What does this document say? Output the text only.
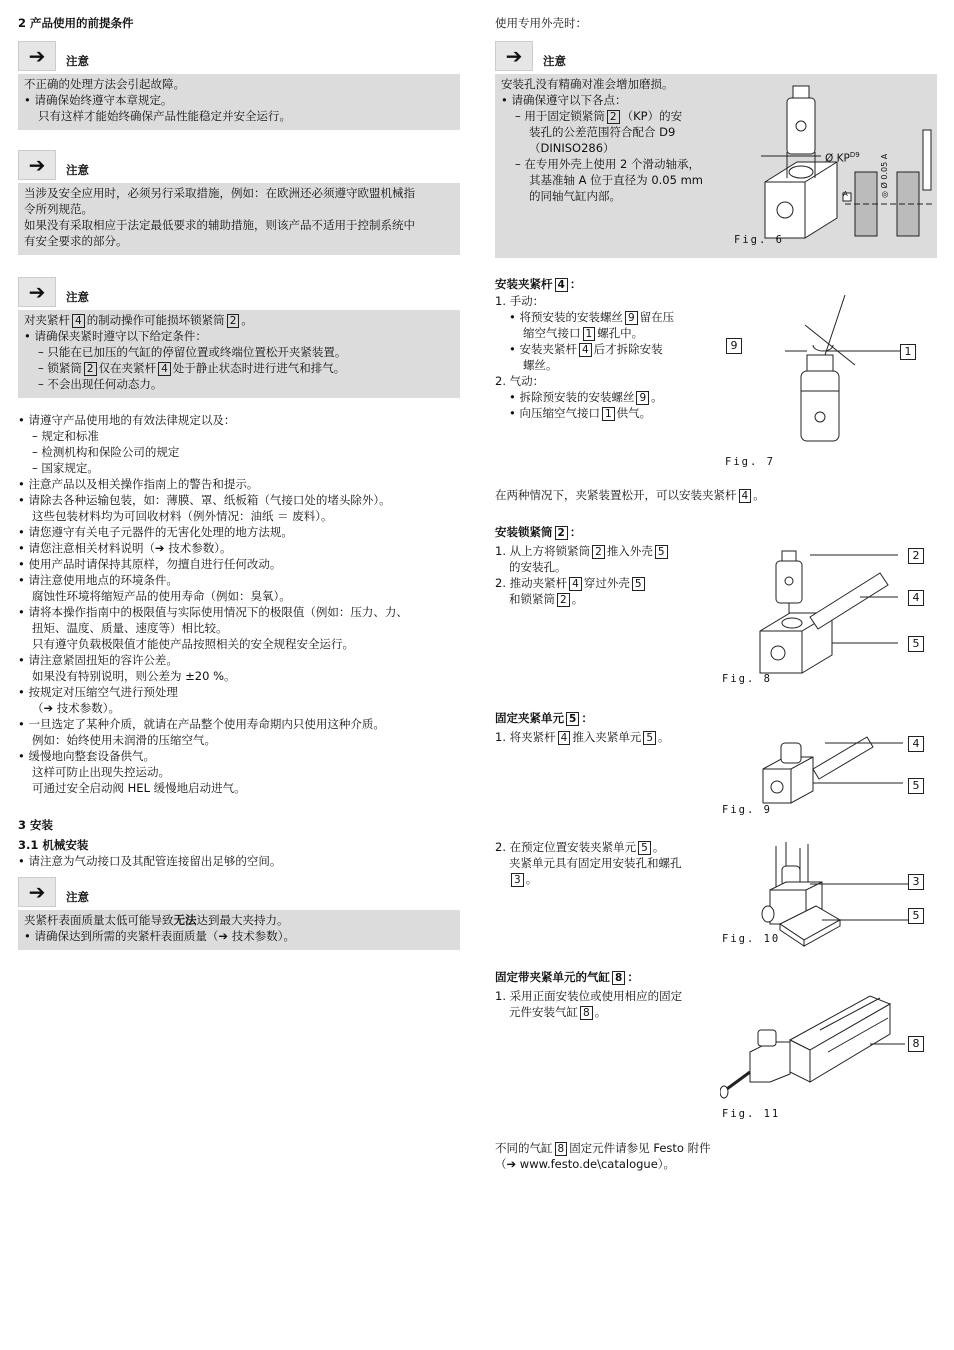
2 产品使用的前提条件
➔	注意
不正确的处理方法会引起故障。
• 请确保始终遵守本章规定。
只有这样才能始终确保产品性能稳定并安全运行。
➔	注意
当涉及安全应用时，必须另行采取措施，例如：在欧洲还必须遵守欧盟机械指
令所列规范。
如果没有采取相应于法定最低要求的辅助措施，则该产品不适用于控制系统中
有安全要求的部分。
➔	注意
对夹紧杆 4 的制动操作可能损坏锁紧筒 2 。
• 请确保夹紧时遵守以下给定条件：
– 只能在已加压的气缸的停留位置或终端位置松开夹紧装置。
– 锁紧筒 2 仅在夹紧杆 4 处于静止状态时进行进气和排气。
– 不会出现任何动态力。
• 请遵守产品使用地的有效法律规定以及：
– 规定和标准
– 检测机构和保险公司的规定
– 国家规定。
• 注意产品以及相关操作指南上的警告和提示。
• 请除去各种运输包装，如：薄膜、罩、纸板箱（气接口处的堵头除外）。
这些包装材料均为可回收材料（例外情况：油纸 ＝ 废料）。
• 请您遵守有关电子元器件的无害化处理的地方法规。
• 请您注意相关材料说明（➔ 技术参数）。
• 使用产品时请保持其原样，勿擅自进行任何改动。
• 请注意使用地点的环境条件。
腐蚀性环境将缩短产品的使用寿命（例如：臭氧）。
• 请将本操作指南中的极限值与实际使用情况下的极限值（例如：压力、力、
扭矩、温度、质量、速度等）相比较。
只有遵守负载极限值才能使产品按照相关的安全规程安全运行。
• 请注意紧固扭矩的容许公差。
如果没有特别说明，则公差为 ±20 %。
• 按规定对压缩空气进行预处理
（➔ 技术参数）。
• 一旦选定了某种介质，就请在产品整个使用寿命期内只使用这种介质。
例如：始终使用未润滑的压缩空气。
• 缓慢地向整套设备供气。
这样可防止出现失控运动。
可通过安全启动阀 HEL 缓慢地启动进气。
3 安装
3.1 机械安装
• 请注意为气动接口及其配管连接留出足够的空间。
➔	注意
夹紧杆表面质量太低可能导致无法达到最大夹持力。
• 请确保达到所需的夹紧杆表面质量（➔ 技术参数）。
使用专用外壳时：
➔	注意
安装孔没有精确对准会增加磨损。
• 请确保遵守以下各点：
– 用于固定锁紧筒 2 （KP）的安
装孔的公差范围符合配合 D9
（DINISO286）
– 在专用外壳上使用 2 个滑动轴承，
其基准轴 A 位于直径为 0.05 mm
的同轴气缸内部。
Ø $KP^{D9}$	◎ Ø 0.05 A
A
Fig. 6
安装夹紧杆 4 ：
1. 手动：
• 将预安装的安装螺丝 9 留在压
缩空气接口 1 螺孔中。
• 安装夹紧杆 4 后才拆除安装
螺丝。
2. 气动：
• 拆除预安装的安装螺丝 9 。
• 向压缩空气接口 1 供气。
9	1
Fig. 7
在两种情况下，夹紧装置松开，可以安装夹紧杆 4 。
安装锁紧筒 2 ：
1. 从上方将锁紧筒 2 推入外壳 5
的安装孔。
2. 推动夹紧杆 4 穿过外壳 5
和锁紧筒 2 。
2
4
5
Fig. 8
固定夹紧单元 5 ：
1. 将夹紧杆 4 推入夹紧单元 5 。	4
5
Fig. 9
2. 在预定位置安装夹紧单元 5 。
夹紧单元具有固定用安装孔和螺孔
3 。	3
5
Fig. 10
固定带夹紧单元的气缸 8 ：
1. 采用正面安装位或使用相应的固定
元件安装气缸 8 。
8
Fig. 11
不同的气缸 8 固定元件请参见 Festo 附件
（➔ www.festo.de\catalogue）。
